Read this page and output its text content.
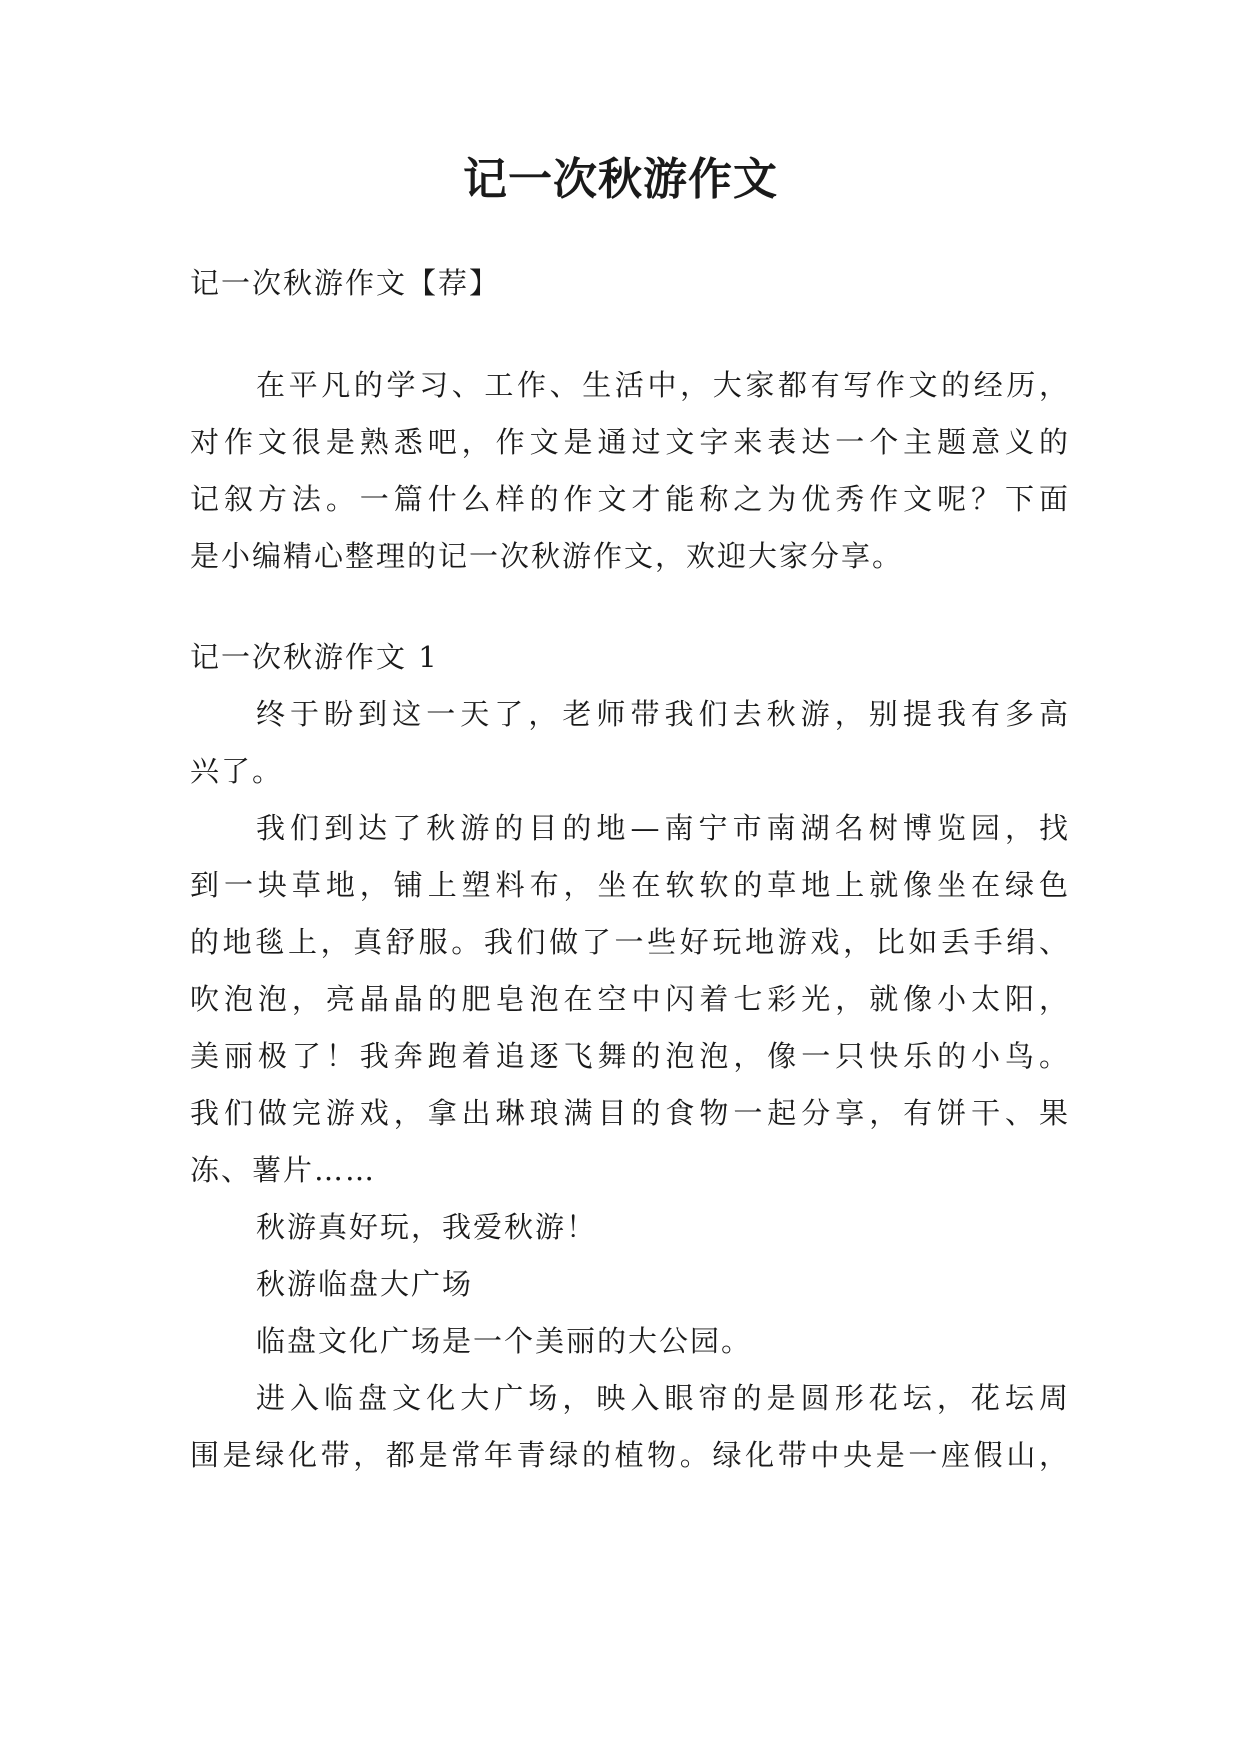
记一次秋游作文
记一次秋游作文【荐】
在平凡的学习、工作、生活中，大家都有写作文的经历，
对作文很是熟悉吧，作文是通过文字来表达一个主题意义的
记叙方法。一篇什么样的作文才能称之为优秀作文呢？下面
是小编精心整理的记一次秋游作文，欢迎大家分享。
记一次秋游作文 1
终于盼到这一天了，老师带我们去秋游，别提我有多高
兴了。
我们到达了秋游的目的地—南宁市南湖名树博览园，找
到一块草地，铺上塑料布，坐在软软的草地上就像坐在绿色
的地毯上，真舒服。我们做了一些好玩地游戏，比如丢手绢、
吹泡泡，亮晶晶的肥皂泡在空中闪着七彩光，就像小太阳，
美丽极了！我奔跑着追逐飞舞的泡泡，像一只快乐的小鸟。
我们做完游戏，拿出琳琅满目的食物一起分享，有饼干、果
冻、薯片……
秋游真好玩，我爱秋游！
秋游临盘大广场
临盘文化广场是一个美丽的大公园。
进入临盘文化大广场，映入眼帘的是圆形花坛，花坛周
围是绿化带，都是常年青绿的植物。绿化带中央是一座假山，
